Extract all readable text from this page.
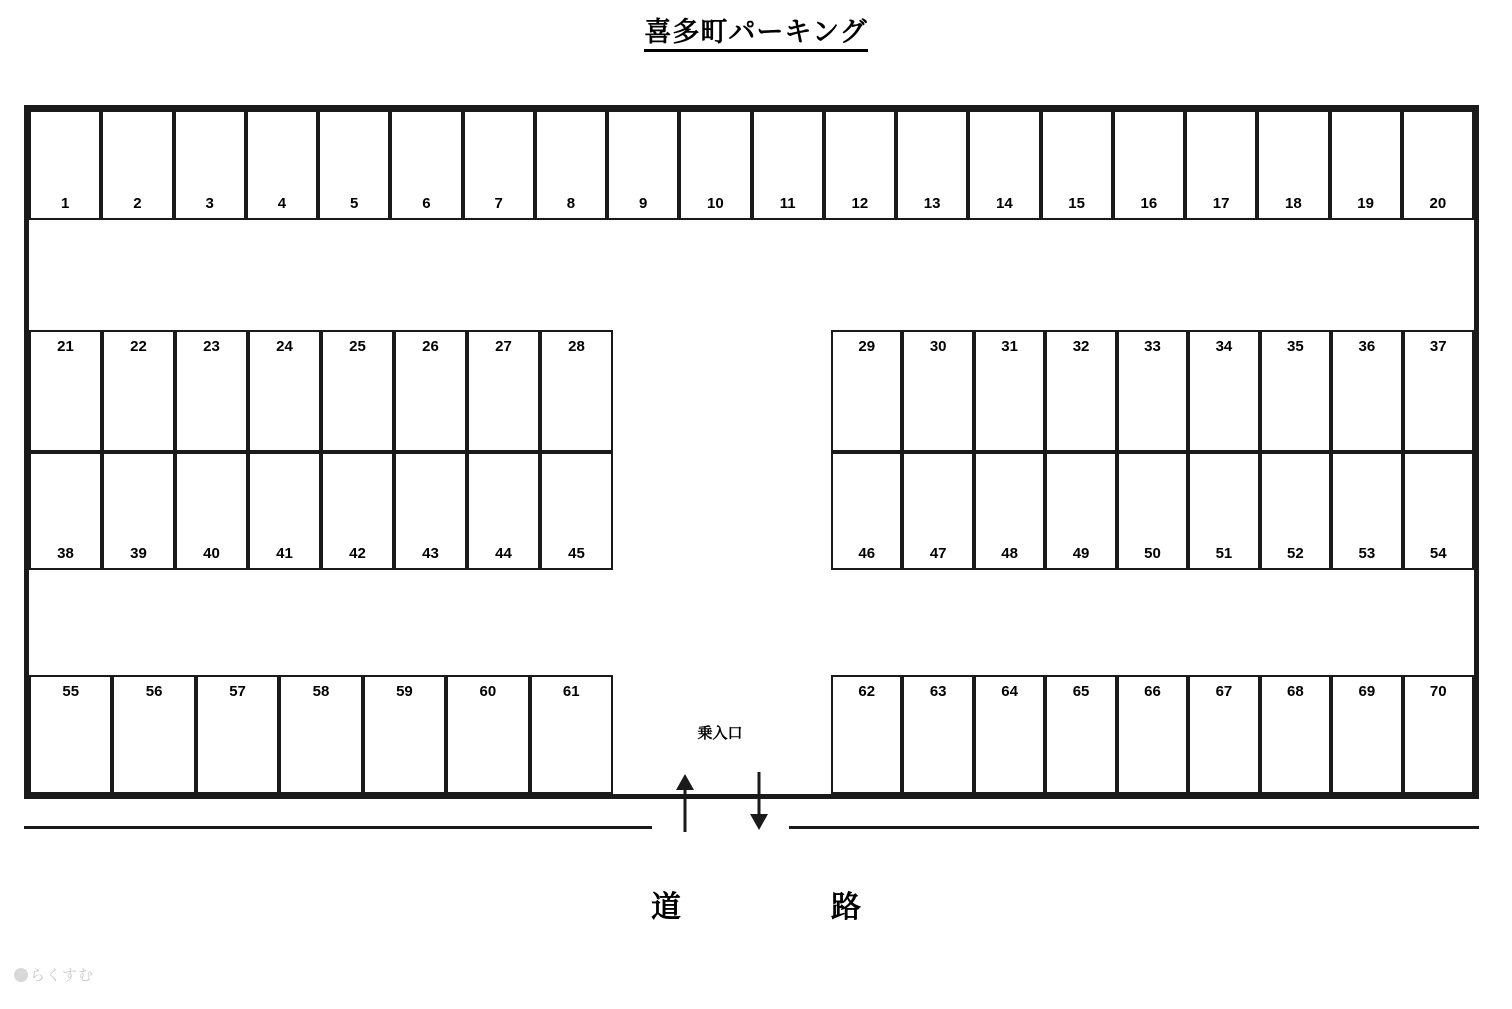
喜多町パーキング
1	2	3	4	5	6	7	8	9	10	11	12	13	14	15	16	17	18	19	20
21	22	23	24	25	26	27	28	29	30	31	32	33	34	35	36	37
38	39	40	41	42	43	44	45	46	47	48	49	50	51	52	53	54
55	56	57	58	59	60	61	62	63	64	65	66	67	68	69	70
乗入口
道	路
らくすむ
